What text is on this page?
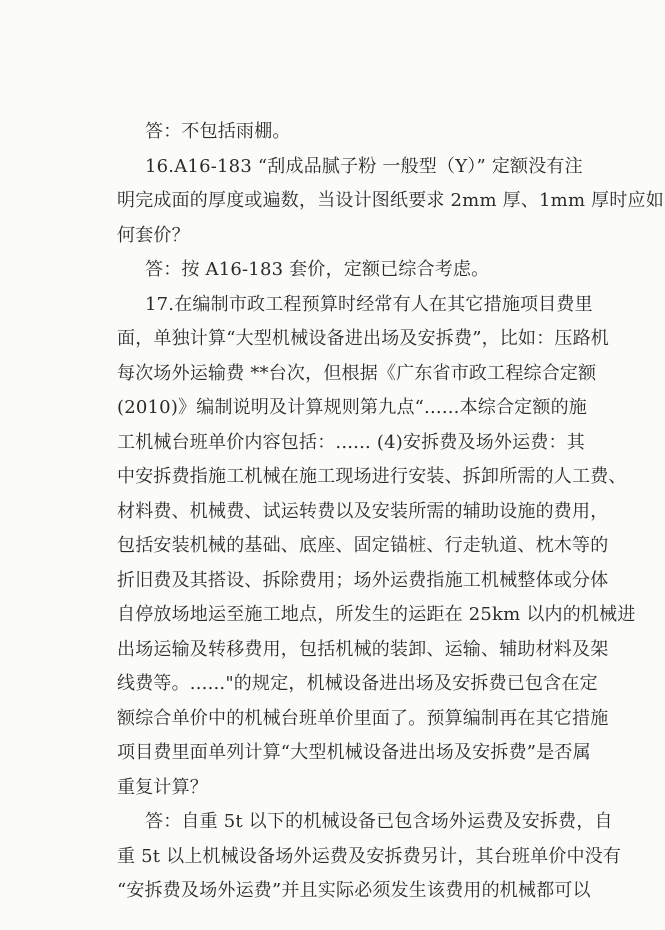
答：不包括雨棚。
16.A16-183 “刮成品腻子粉 一般型（Y）” 定额没有注
明完成面的厚度或遍数，当设计图纸要求 2mm 厚、1mm 厚时应如
何套价？
答：按 A16-183 套价，定额已综合考虑。
17.在编制市政工程预算时经常有人在其它措施项目费里
面，单独计算“大型机械设备进出场及安拆费”，比如：压路机
每次场外运输费 **台次，但根据《广东省市政工程综合定额
(2010)》编制说明及计算规则第九点“......本综合定额的施
工机械台班单价内容包括：...... (4)安拆费及场外运费：其
中安拆费指施工机械在施工现场进行安装、拆卸所需的人工费、
材料费、机械费、试运转费以及安装所需的辅助设施的费用，
包括安装机械的基础、底座、固定锚桩、行走轨道、枕木等的
折旧费及其搭设、拆除费用；场外运费指施工机械整体或分体
自停放场地运至施工地点，所发生的运距在 25km 以内的机械进
出场运输及转移费用，包括机械的装卸、运输、辅助材料及架
线费等。......"的规定，机械设备进出场及安拆费已包含在定
额综合单价中的机械台班单价里面了。预算编制再在其它措施
项目费里面单列计算“大型机械设备进出场及安拆费”是否属
重复计算？
答：自重 5t 以下的机械设备已包含场外运费及安拆费，自
重 5t 以上机械设备场外运费及安拆费另计，其台班单价中没有
“安拆费及场外运费”并且实际必须发生该费用的机械都可以
